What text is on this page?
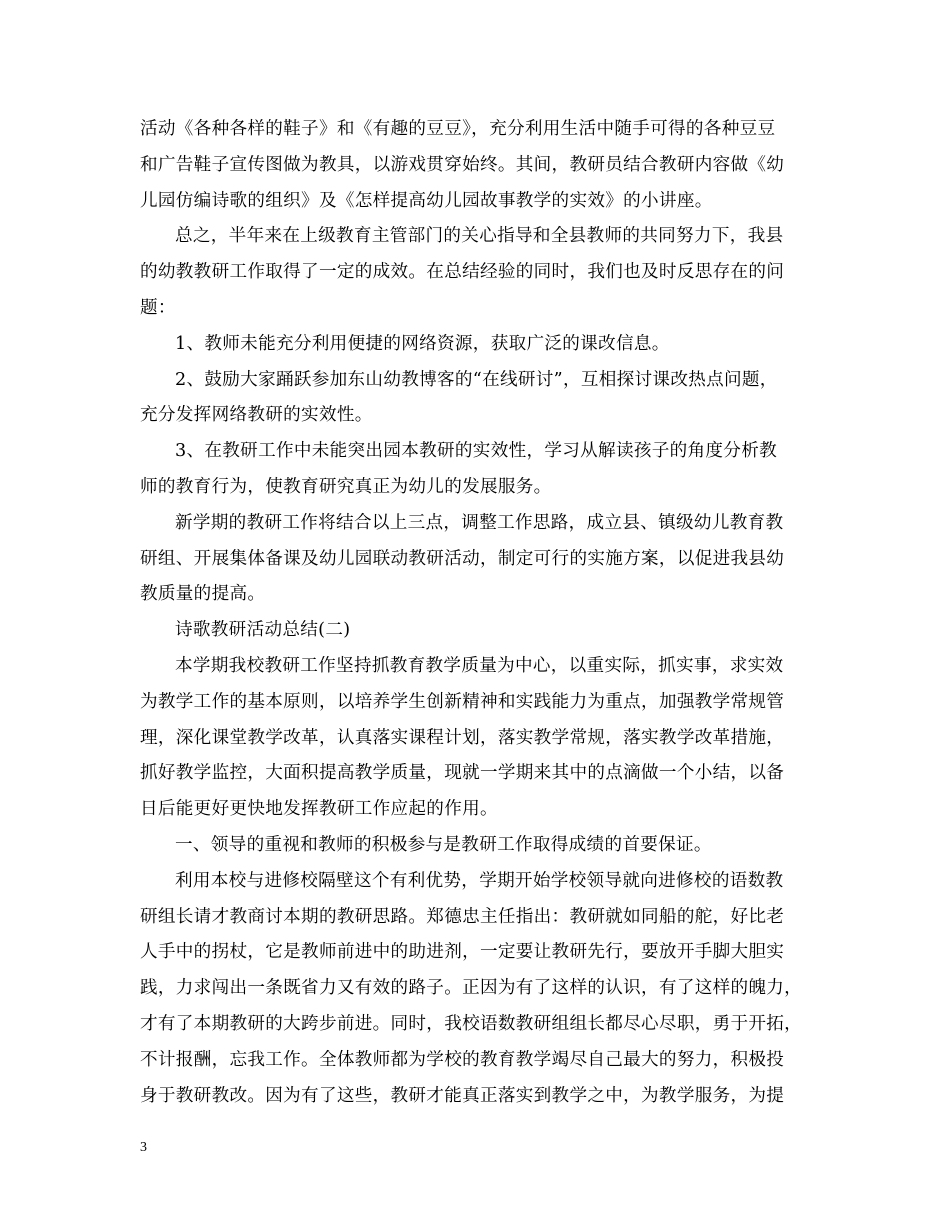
活动《各种各样的鞋子》和《有趣的豆豆》，充分利用生活中随手可得的各种豆豆
和广告鞋子宣传图做为教具，以游戏贯穿始终。其间，教研员结合教研内容做《幼
儿园仿编诗歌的组织》及《怎样提高幼儿园故事教学的实效》的小讲座。

总之，半年来在上级教育主管部门的关心指导和全县教师的共同努力下，我县
的幼教教研工作取得了一定的成效。在总结经验的同时，我们也及时反思存在的问
题：

1、教师未能充分利用便捷的网络资源，获取广泛的课改信息。

2、鼓励大家踊跃参加东山幼教博客的“在线研讨”，互相探讨课改热点问题，
充分发挥网络教研的实效性。

3、在教研工作中未能突出园本教研的实效性，学习从解读孩子的角度分析教
师的教育行为，使教育研究真正为幼儿的发展服务。

新学期的教研工作将结合以上三点，调整工作思路，成立县、镇级幼儿教育教
研组、开展集体备课及幼儿园联动教研活动，制定可行的实施方案，以促进我县幼
教质量的提高。

诗歌教研活动总结(二)

本学期我校教研工作坚持抓教育教学质量为中心，以重实际，抓实事，求实效
为教学工作的基本原则，以培养学生创新精神和实践能力为重点，加强教学常规管
理，深化课堂教学改革，认真落实课程计划，落实教学常规，落实教学改革措施，
抓好教学监控，大面积提高教学质量，现就一学期来其中的点滴做一个小结，以备
日后能更好更快地发挥教研工作应起的作用。

一、领导的重视和教师的积极参与是教研工作取得成绩的首要保证。

利用本校与进修校隔壁这个有利优势，学期开始学校领导就向进修校的语数教
研组长请才教商讨本期的教研思路。郑德忠主任指出：教研就如同船的舵，好比老
人手中的拐杖，它是教师前进中的助进剂，一定要让教研先行，要放开手脚大胆实
践，力求闯出一条既省力又有效的路子。正因为有了这样的认识，有了这样的魄力，
才有了本期教研的大跨步前进。同时，我校语数教研组组长都尽心尽职，勇于开拓，
不计报酬，忘我工作。全体教师都为学校的教育教学竭尽自己最大的努力，积极投
身于教研教改。因为有了这些，教研才能真正落实到教学之中，为教学服务，为提

3
